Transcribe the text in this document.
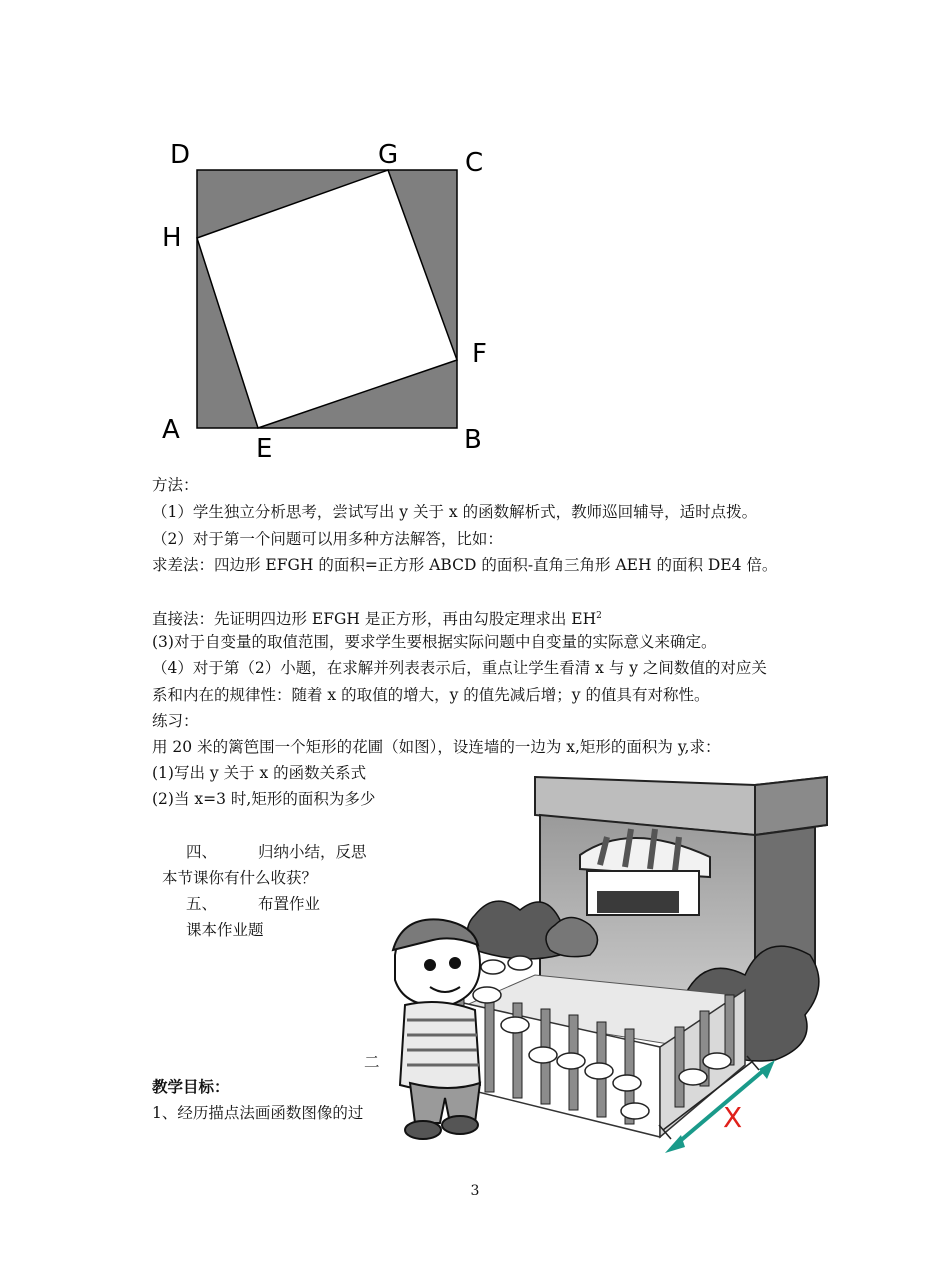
D	G	C
H
F
A
E	B
方法：
（1）学生独立分析思考，尝试写出 y 关于 x 的函数解析式，教师巡回辅导，适时点拨。
（2）对于第一个问题可以用多种方法解答，比如：
求差法：四边形 EFGH 的面积=正方形 ABCD 的面积-直角三角形 AEH 的面积 DE4 倍。
直接法：先证明四边形 EFGH 是正方形，再由勾股定理求出 $EH^2$
(3)对于自变量的取值范围，要求学生要根据实际问题中自变量的实际意义来确定。
（4）对于第（2）小题，在求解并列表表示后，重点让学生看清 x 与 y 之间数值的对应关
系和内在的规律性：随着 x 的取值的增大，y 的值先减后增；y 的值具有对称性。
练习：
用 20 米的篱笆围一个矩形的花圃（如图），设连墙的一边为 x,矩形的面积为 y,求：
(1)写出 y 关于 x 的函数关系式
(2)当 x=3 时,矩形的面积为多少
四、	归纳小结，反思
本节课你有什么收获？
五、	布置作业
课本作业题
二
教学目标：
1、经历描点法画函数图像的过	X
3
